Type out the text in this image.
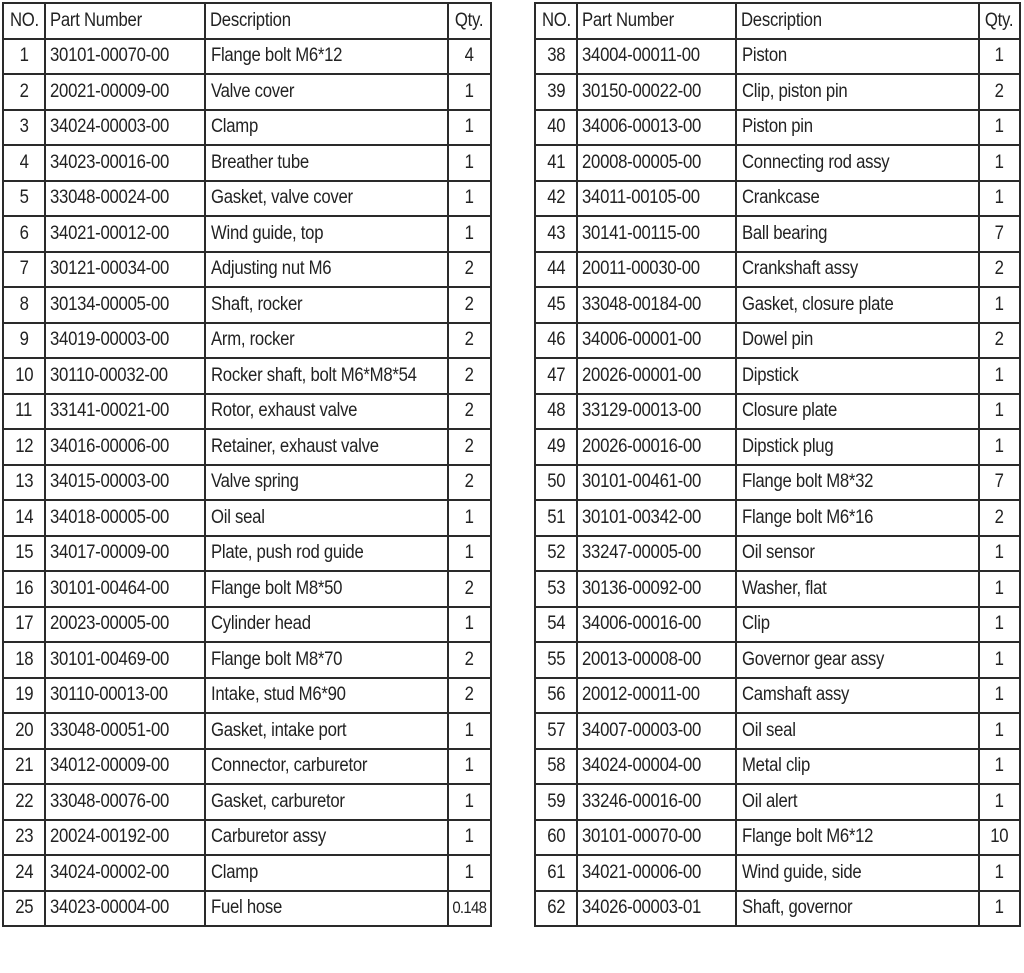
NO.	Part Number	Description	Qty.
1	30101-00070-00	Flange bolt M6*12	4
2	20021-00009-00	Valve cover	1
3	34024-00003-00	Clamp	1
4	34023-00016-00	Breather tube	1
5	33048-00024-00	Gasket, valve cover	1
6	34021-00012-00	Wind guide, top	1
7	30121-00034-00	Adjusting nut M6	2
8	30134-00005-00	Shaft, rocker	2
9	34019-00003-00	Arm, rocker	2
10	30110-00032-00	Rocker shaft, bolt M6*M8*54	2
11	33141-00021-00	Rotor, exhaust valve	2
12	34016-00006-00	Retainer, exhaust valve	2
13	34015-00003-00	Valve spring	2
14	34018-00005-00	Oil seal	1
15	34017-00009-00	Plate, push rod guide	1
16	30101-00464-00	Flange bolt M8*50	2
17	20023-00005-00	Cylinder head	1
18	30101-00469-00	Flange bolt M8*70	2
19	30110-00013-00	Intake, stud M6*90	2
20	33048-00051-00	Gasket, intake port	1
21	34012-00009-00	Connector, carburetor	1
22	33048-00076-00	Gasket, carburetor	1
23	20024-00192-00	Carburetor assy	1
24	34024-00002-00	Clamp	1
25	34023-00004-00	Fuel hose	0.148
NO.	Part Number	Description	Qty.
38	34004-00011-00	Piston	1
39	30150-00022-00	Clip, piston pin	2
40	34006-00013-00	Piston pin	1
41	20008-00005-00	Connecting rod assy	1
42	34011-00105-00	Crankcase	1
43	30141-00115-00	Ball bearing	7
44	20011-00030-00	Crankshaft assy	2
45	33048-00184-00	Gasket, closure plate	1
46	34006-00001-00	Dowel pin	2
47	20026-00001-00	Dipstick	1
48	33129-00013-00	Closure plate	1
49	20026-00016-00	Dipstick plug	1
50	30101-00461-00	Flange bolt M8*32	7
51	30101-00342-00	Flange bolt M6*16	2
52	33247-00005-00	Oil sensor	1
53	30136-00092-00	Washer, flat	1
54	34006-00016-00	Clip	1
55	20013-00008-00	Governor gear assy	1
56	20012-00011-00	Camshaft assy	1
57	34007-00003-00	Oil seal	1
58	34024-00004-00	Metal clip	1
59	33246-00016-00	Oil alert	1
60	30101-00070-00	Flange bolt M6*12	10
61	34021-00006-00	Wind guide, side	1
62	34026-00003-01	Shaft, governor	1
